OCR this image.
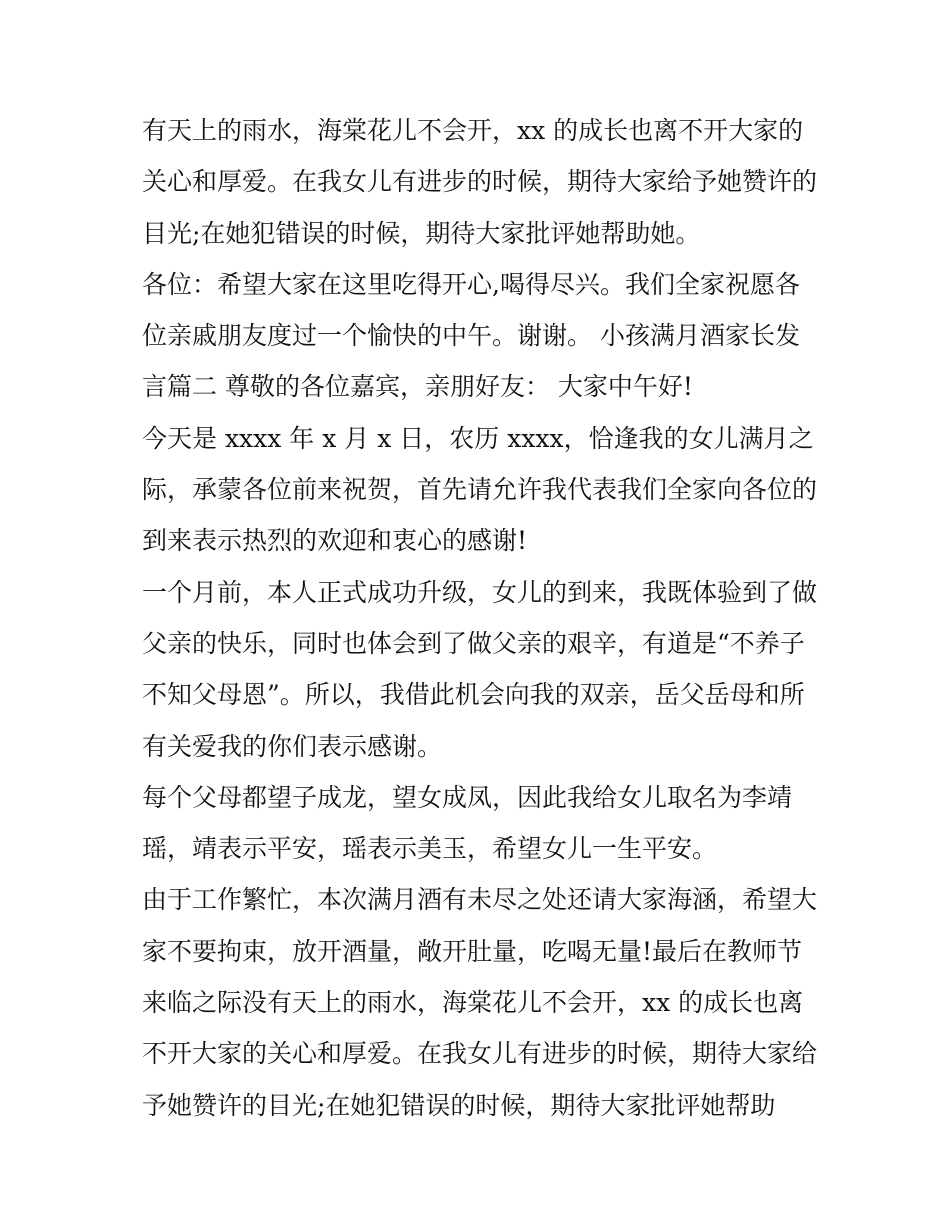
有天上的雨水，海棠花儿不会开，xx 的成长也离不开大家的
关心和厚爱。在我女儿有进步的时候，期待大家给予她赞许的
目光;在她犯错误的时候，期待大家批评她帮助她。
各位：希望大家在这里吃得开心,喝得尽兴。我们全家祝愿各
位亲戚朋友度过一个愉快的中午。谢谢。 小孩满月酒家长发
言篇二 尊敬的各位嘉宾，亲朋好友： 大家中午好!
今天是 xxxx 年 x 月 x 日，农历 xxxx，恰逢我的女儿满月之
际，承蒙各位前来祝贺，首先请允许我代表我们全家向各位的
到来表示热烈的欢迎和衷心的感谢!
一个月前，本人正式成功升级，女儿的到来，我既体验到了做
父亲的快乐，同时也体会到了做父亲的艰辛，有道是“不养子
不知父母恩”。所以，我借此机会向我的双亲，岳父岳母和所
有关爱我的你们表示感谢。
每个父母都望子成龙，望女成凤，因此我给女儿取名为李靖
瑶，靖表示平安，瑶表示美玉，希望女儿一生平安。
由于工作繁忙，本次满月酒有未尽之处还请大家海涵，希望大
家不要拘束，放开酒量，敞开肚量，吃喝无量!最后在教师节
来临之际没有天上的雨水，海棠花儿不会开，xx 的成长也离
不开大家的关心和厚爱。在我女儿有进步的时候，期待大家给
予她赞许的目光;在她犯错误的时候，期待大家批评她帮助
